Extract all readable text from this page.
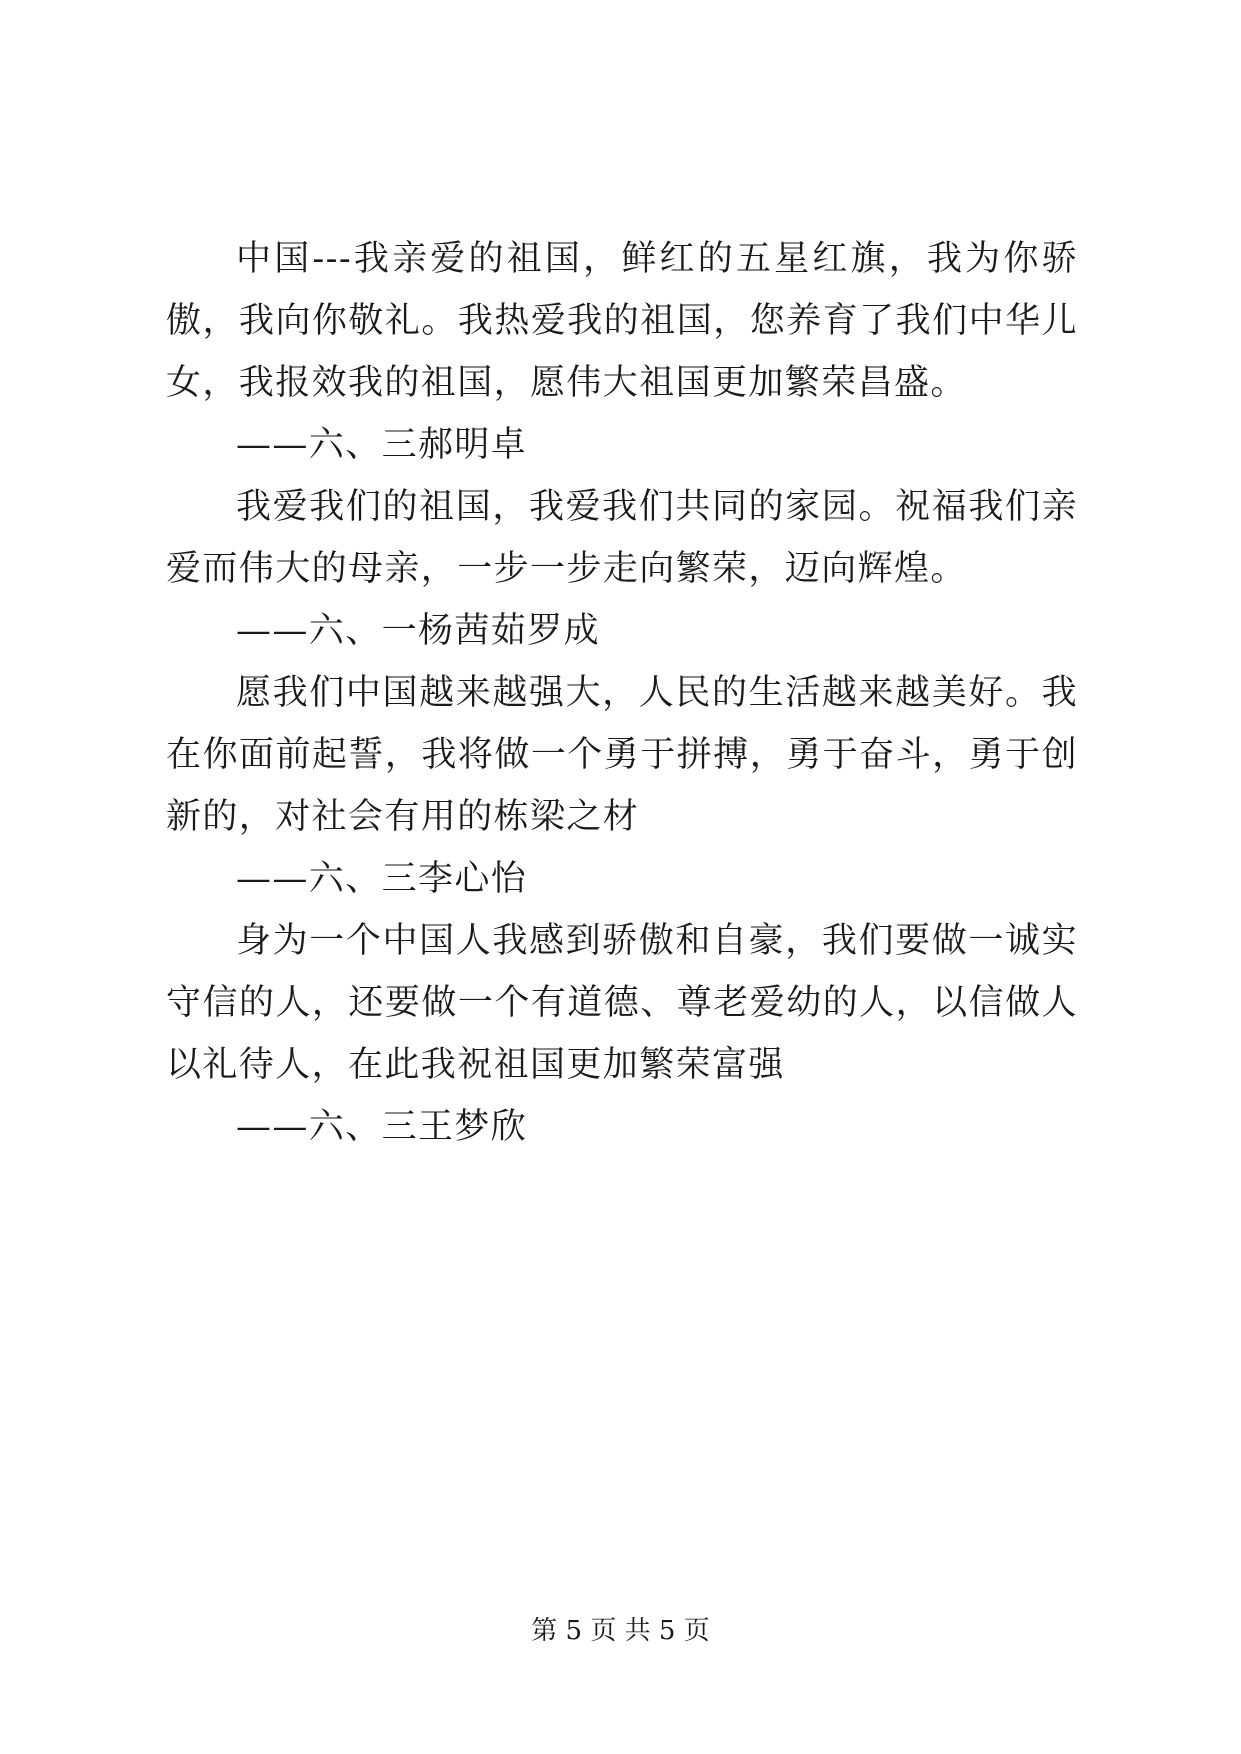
中国---我亲爱的祖国，鲜红的五星红旗，我为你骄傲，我向你敬礼。我热爱我的祖国，您养育了我们中华儿女，我报效我的祖国，愿伟大祖国更加繁荣昌盛。

——六、三郝明卓

我爱我们的祖国，我爱我们共同的家园。祝福我们亲爱而伟大的母亲，一步一步走向繁荣，迈向辉煌。

——六、一杨茜茹罗成

愿我们中国越来越强大，人民的生活越来越美好。我在你面前起誓，我将做一个勇于拼搏，勇于奋斗，勇于创新的，对社会有用的栋梁之材

——六、三李心怡

身为一个中国人我感到骄傲和自豪，我们要做一诚实守信的人，还要做一个有道德、尊老爱幼的人，以信做人以礼待人，在此我祝祖国更加繁荣富强

——六、三王梦欣

第 5 页 共 5 页
